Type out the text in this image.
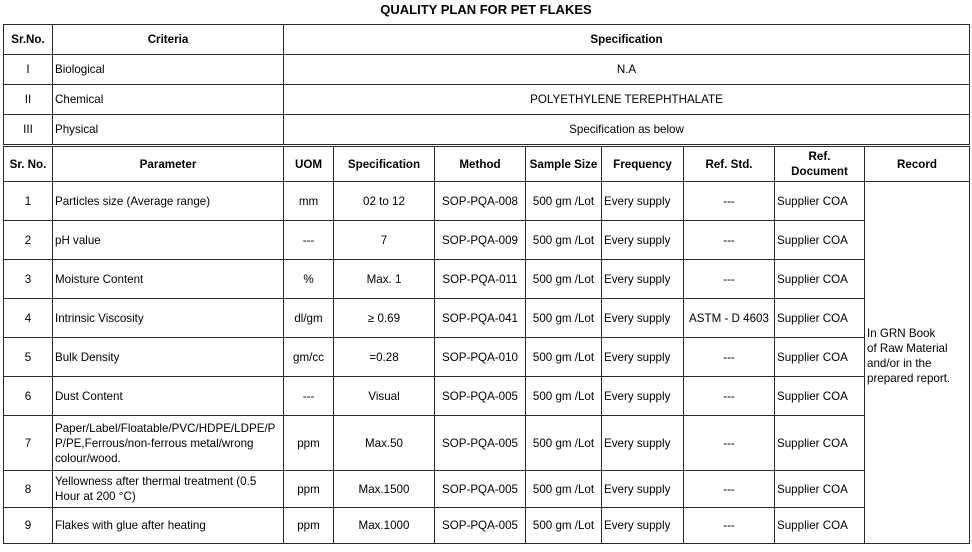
QUALITY PLAN FOR PET FLAKES
Sr.No.	Criteria	Specification
I	Biological	N.A
II	Chemical	POLYETHYLENE TEREPHTHALATE
III	Physical	Specification as below
Sr. No.	Parameter	UOM	Specification	Method	Sample Size	Frequency	Ref. Std.	Ref.
Document	Record
1	Particles size (Average range)	mm	02 to 12	SOP-PQA-008	500 gm /Lot	Every supply	---	Supplier COA	In GRN Book
of Raw Material
and/or in the
prepared report.

2	pH value	---	7	SOP-PQA-009	500 gm /Lot	Every supply	---	Supplier COA	
3	Moisture Content	%	Max. 1	SOP-PQA-011	500 gm /Lot	Every supply	---	Supplier COA	
4	Intrinsic Viscosity	dl/gm	≥ 0.69	SOP-PQA-041	500 gm /Lot	Every supply	ASTM - D 4603	Supplier COA	
5	Bulk Density	gm/cc	=0.28	SOP-PQA-010	500 gm /Lot	Every supply	---	Supplier COA	
6	Dust Content	---	Visual	SOP-PQA-005	500 gm /Lot	Every supply	---	Supplier COA	
7	Paper/Label/Floatable/PVC/HDPE/LDPE/P
P/PE,Ferrous/non-ferrous metal/wrong
colour/wood.	ppm	Max.50	SOP-PQA-005	500 gm /Lot	Every supply	---	Supplier COA	
8	Yellowness after thermal treatment (0.5
Hour at 200 °C)	ppm	Max.1500	SOP-PQA-005	500 gm /Lot	Every supply	---	Supplier COA	
9	Flakes with glue after heating	ppm	Max.1000	SOP-PQA-005	500 gm /Lot	Every supply	---	Supplier COA	
